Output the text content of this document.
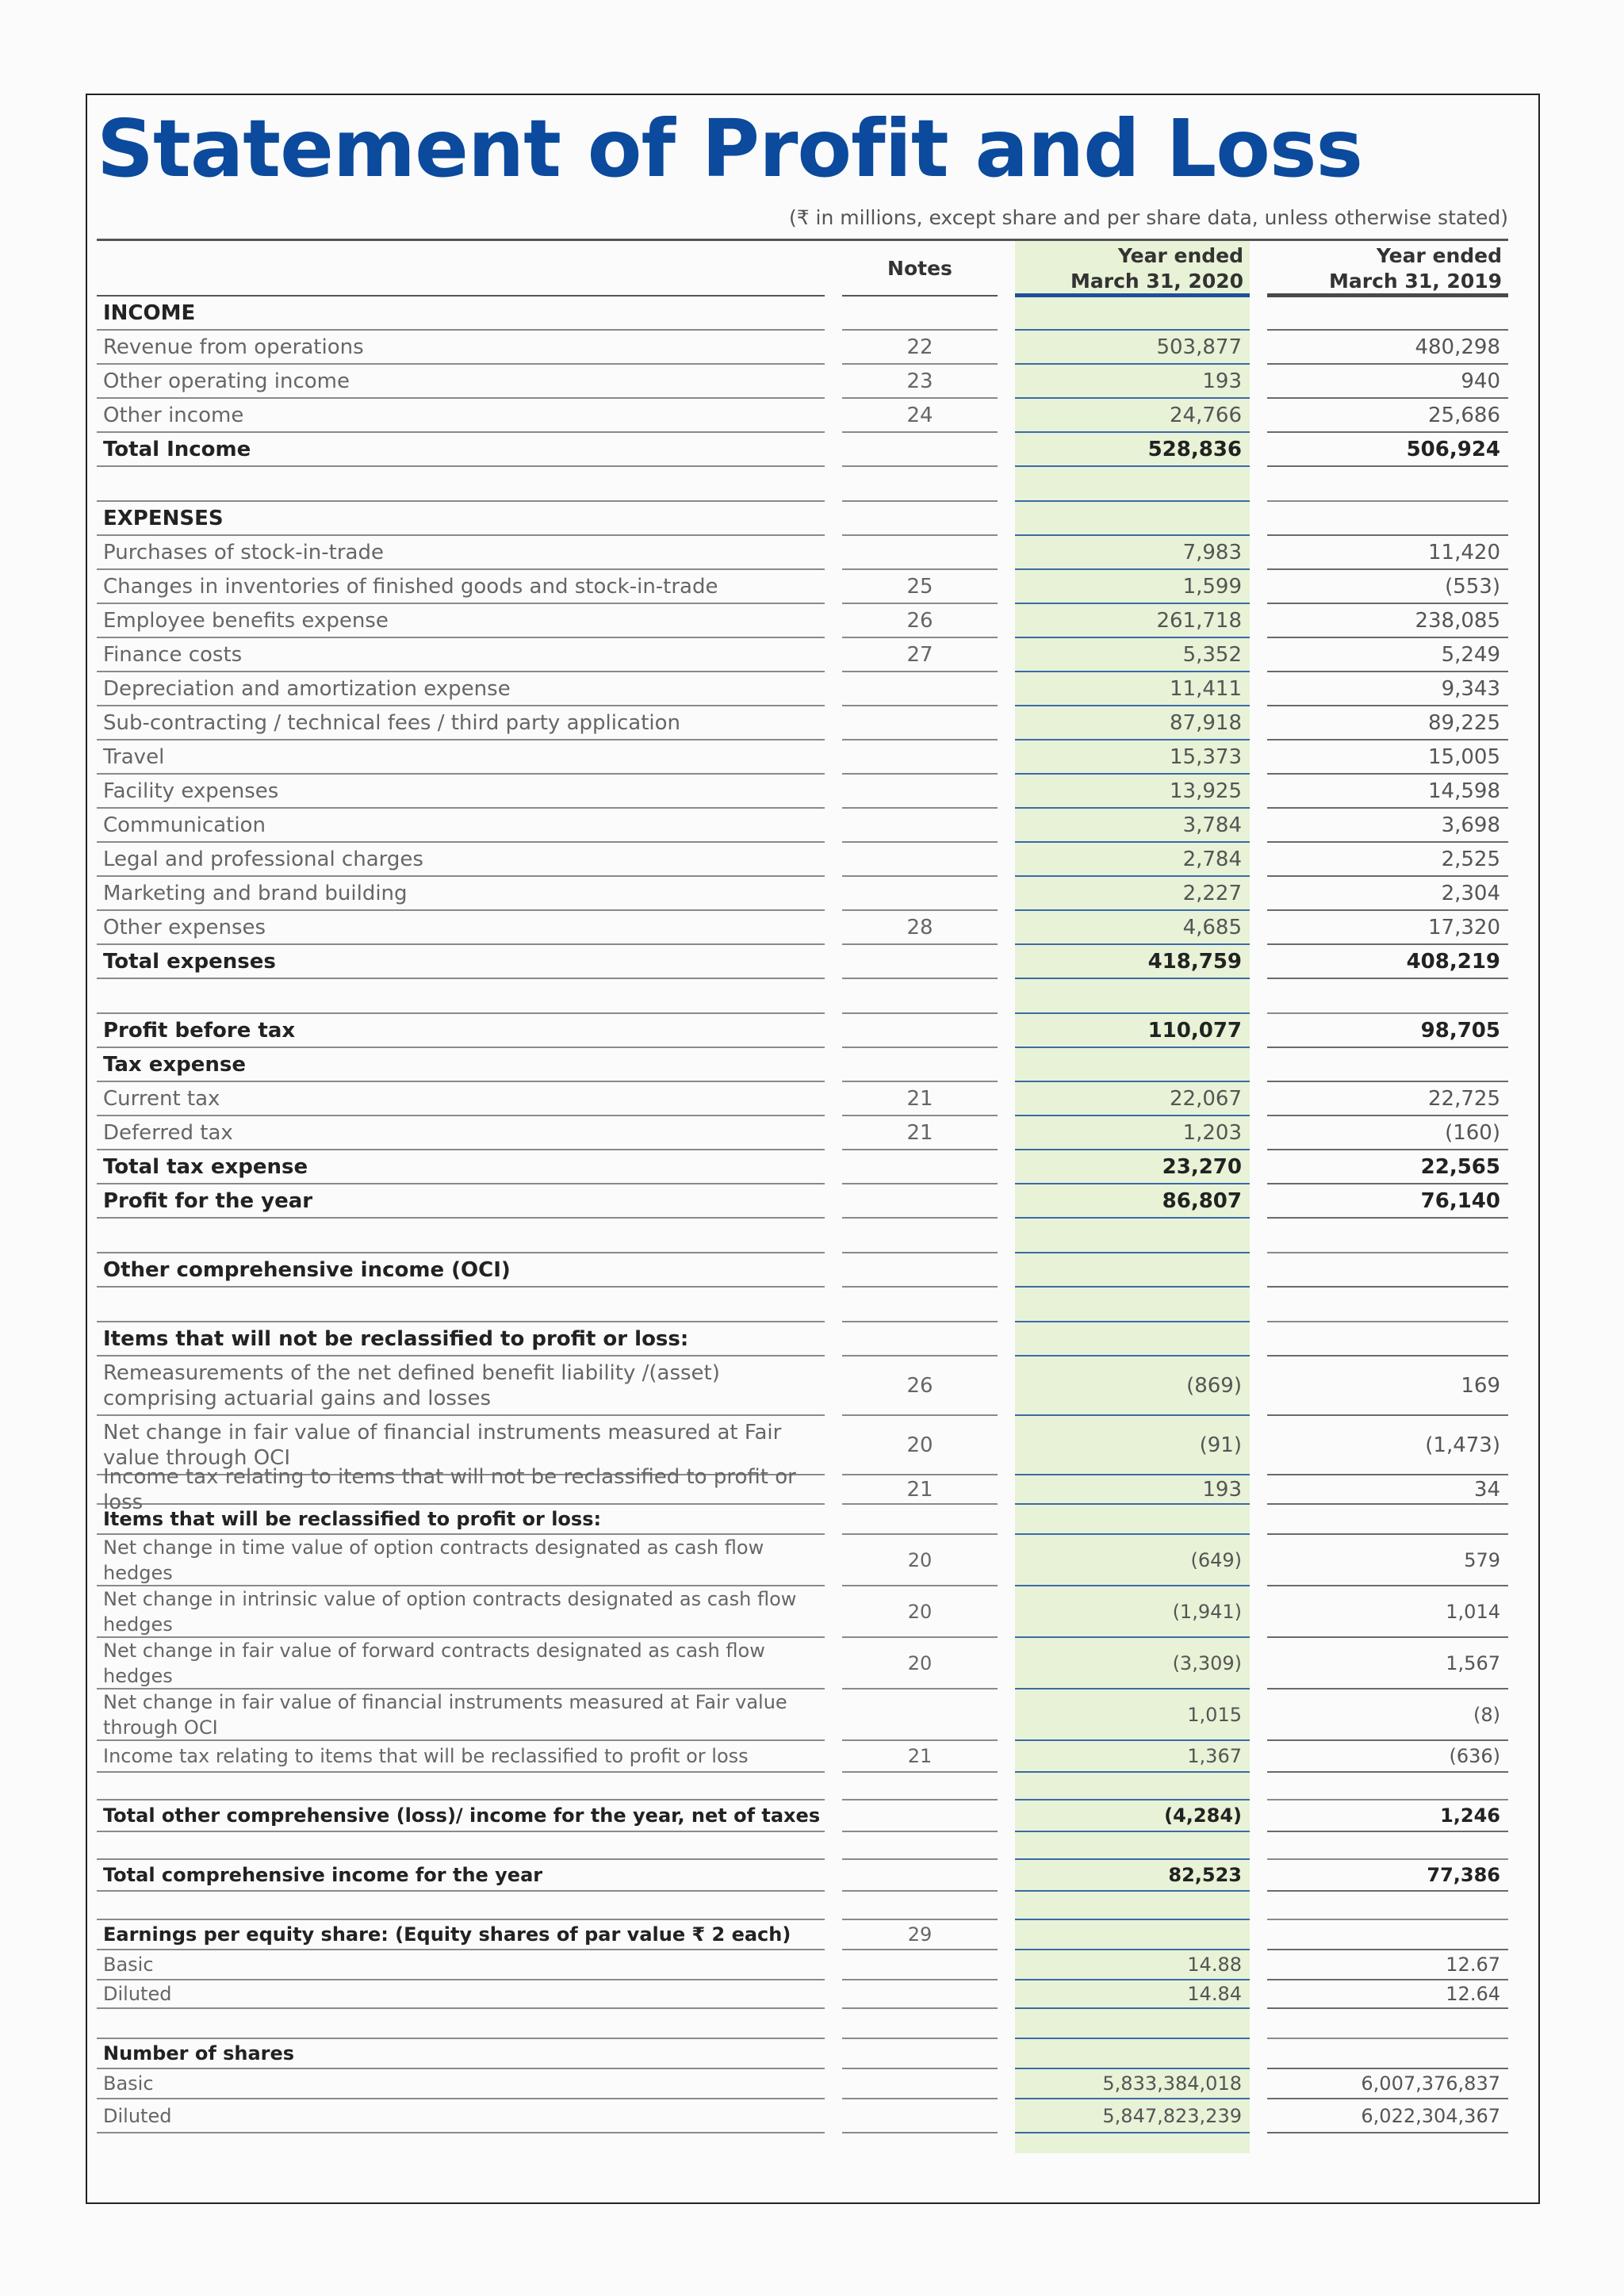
Statement of Profit and Loss
(₹ in millions, except share and per share data, unless otherwise stated)
Notes
Year ended
March 31, 2020
Year ended
March 31, 2019
INCOME
Revenue from operations	22	503,877	480,298
Other operating income	23	193	940
Other income	24	24,766	25,686
Total Income	528,836	506,924
EXPENSES
Purchases of stock-in-trade	7,983	11,420
Changes in inventories of finished goods and stock-in-trade	25	1,599	(553)
Employee benefits expense	26	261,718	238,085
Finance costs	27	5,352	5,249
Depreciation and amortization expense	11,411	9,343
Sub-contracting / technical fees / third party application	87,918	89,225
Travel	15,373	15,005
Facility expenses	13,925	14,598
Communication	3,784	3,698
Legal and professional charges	2,784	2,525
Marketing and brand building	2,227	2,304
Other expenses	28	4,685	17,320
Total expenses	418,759	408,219
Profit before tax	110,077	98,705
Tax expense
Current tax	21	22,067	22,725
Deferred tax	21	1,203	(160)
Total tax expense	23,270	22,565
Profit for the year	86,807	76,140
Other comprehensive income (OCI)
Items that will not be reclassified to profit or loss:
Remeasurements of the net defined benefit liability /(asset) comprising actuarial gains and losses
26	(869)	169
Net change in fair value of financial instruments measured at Fair value through OCI
20	(91)	(1,473)
Income tax relating to items that will not be reclassified to profit or loss
21	193	34
Items that will be reclassified to profit or loss:
Net change in time value of option contracts designated as cash flow hedges
20	(649)	579
Net change in intrinsic value of option contracts designated as cash flow hedges
20	(1,941)	1,014
Net change in fair value of forward contracts designated as cash flow hedges
20	(3,309)	1,567
Net change in fair value of financial instruments measured at Fair value through OCI
1,015	(8)
Income tax relating to items that will be reclassified to profit or loss	21	1,367	(636)
Total other comprehensive (loss)/ income for the year, net of taxes	(4,284)	1,246
Total comprehensive income for the year	82,523	77,386
Earnings per equity share: (Equity shares of par value ₹ 2 each)	29
Basic	14.88	12.67
Diluted	14.84	12.64
Number of shares
Basic	5,833,384,018	6,007,376,837
Diluted	5,847,823,239	6,022,304,367
